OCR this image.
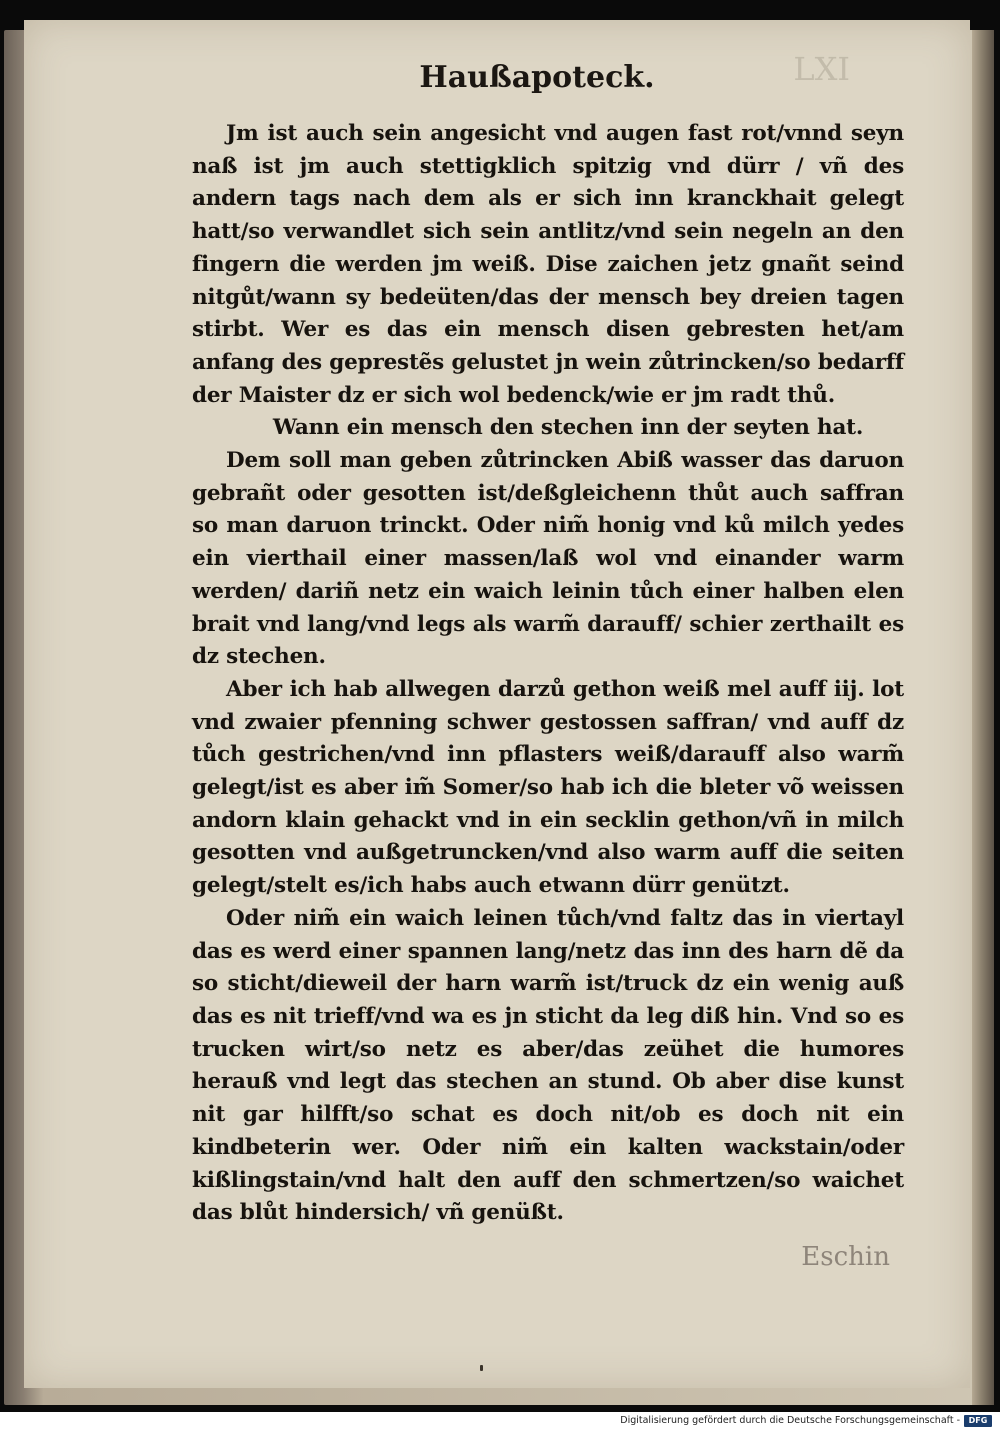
LXI
Haußapoteck.

Jm ist auch sein angesicht vnd augen fast rot/vnnd seyn naß ist jm auch stettigklich spitzig vnd dürr / vñ des andern tags nach dem als er sich inn kranckhait gelegt hatt/so verwandlet sich sein antlitz/vnd sein negeln an den fingern die werden jm weiß. Dise zaichen jetz gnañt seind nitgůt/wann sy bedeüten/das der mensch bey dreien tagen stirbt. Wer es das ein mensch disen gebresten het/am anfang des geprestẽs gelustet jn wein zůtrincken/so bedarff der Maister dz er sich wol bedenck/wie er jm radt thů.

Wann ein mensch den stechen inn der seyten hat.

Dem soll man geben zůtrincken Abiß wasser das daruon gebrañt oder gesotten ist/deßgleichenn thůt auch saffran so man daruon trinckt. Oder nim̃ honig vnd ků milch yedes ein vierthail einer massen/laß wol vnd einander warm werden/ dariñ netz ein waich leinin tůch einer halben elen brait vnd lang/vnd legs als warm̃ darauff/ schier zerthailt es dz stechen.

Aber ich hab allwegen darzů gethon weiß mel auff iij. lot vnd zwaier pfenning schwer gestossen saffran/ vnd auff dz tůch gestrichen/vnd inn pflasters weiß/darauff also warm̃ gelegt/ist es aber im̃ Somer/so hab ich die bleter võ weissen andorn klain gehackt vnd in ein secklin gethon/vñ in milch gesotten vnd außgetruncken/vnd also warm auff die seiten gelegt/stelt es/ich habs auch etwann dürr genützt.

Oder nim̃ ein waich leinen tůch/vnd faltz das in viertayl das es werd einer spannen lang/netz das inn des harn dẽ da so sticht/dieweil der harn warm̃ ist/truck dz ein wenig auß das es nit trieff/vnd wa es jn sticht da leg diß hin. Vnd so es trucken wirt/so netz es aber/das zeühet die humores herauß vnd legt das stechen an stund. Ob aber dise kunst nit gar hilfft/so schat es doch nit/ob es doch nit ein kindbeterin wer. Oder nim̃ ein kalten wackstain/oder kißlingstain/vnd halt den auff den schmertzen/so waichet das blůt hindersich/ vñ genüßt.

Eschin
Digitalisierung gefördert durch die Deutsche Forschungsgemeinschaft -	DFG
